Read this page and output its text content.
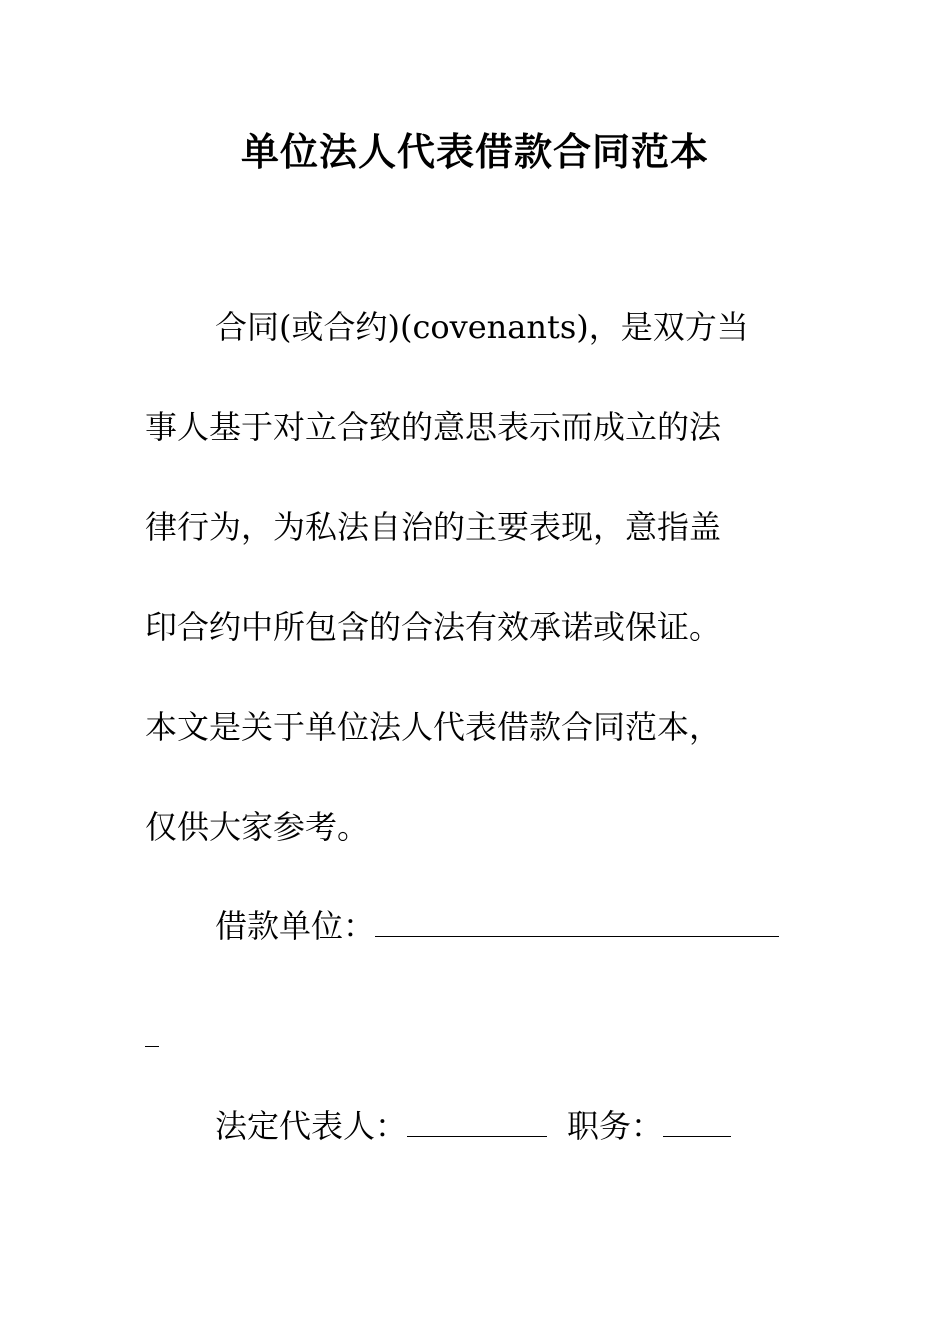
单位法人代表借款合同范本
合同(或合约)(covenants)，是双方当
事人基于对立合致的意思表示而成立的法
律行为，为私法自治的主要表现，意指盖
印合约中所包含的合法有效承诺或保证。
本文是关于单位法人代表借款合同范本，
仅供大家参考。
借款单位：
法定代表人：	职务：
